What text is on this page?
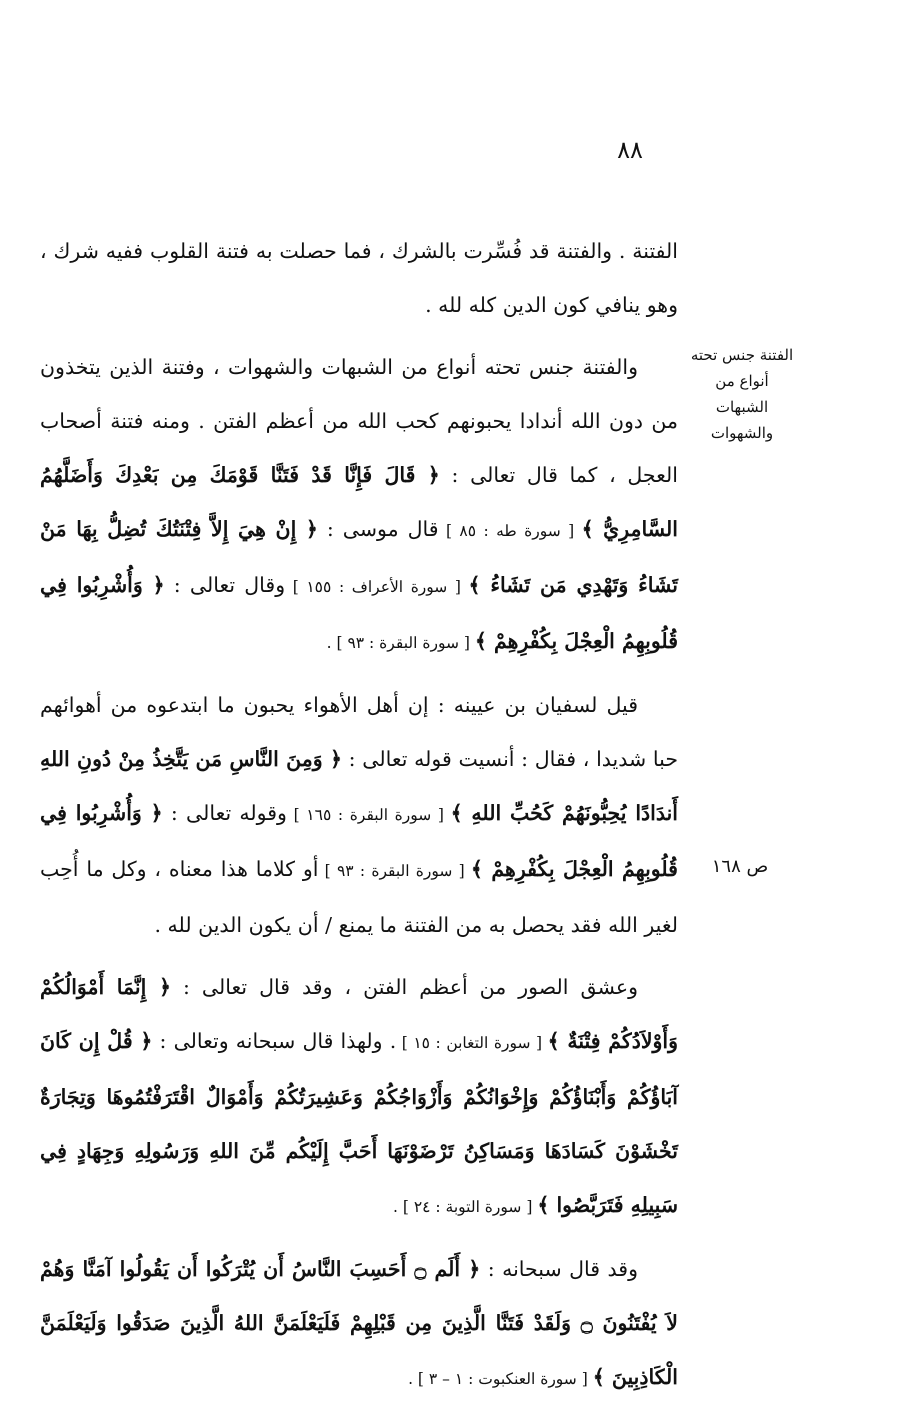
٨٨
الفتنة جنس تحته أنواع من الشبهات والشهوات
ص ١٦٨

الفتنة . والفتنة قد فُسِّرت بالشرك ، فما حصلت به فتنة القلوب ففيه شرك ، وهو ينافي كون الدين كله لله .

والفتنة جنس تحته أنواع من الشبهات والشهوات ، وفتنة الذين يتخذون من دون الله أندادا يحبونهم كحب الله من أعظم الفتن . ومنه فتنة أصحاب العجل ، كما قال تعالى : ﴿ قَالَ فَإِنَّا قَدْ فَتَنَّا قَوْمَكَ مِن بَعْدِكَ وَأَضَلَّهُمُ السَّامِرِيُّ ﴾ [ سورة طه : ٨٥ ] قال موسى : ﴿ إِنْ هِيَ إِلاَّ فِتْنَتُكَ تُضِلُّ بِهَا مَنْ تَشَاءُ وَتَهْدِي مَن تَشَاءُ ﴾ [ سورة الأعراف : ١٥٥ ] وقال تعالى : ﴿ وَأُشْرِبُوا فِي قُلُوبِهِمُ الْعِجْلَ بِكُفْرِهِمْ ﴾ [ سورة البقرة : ٩٣ ] .

قيل لسفيان بن عيينه : إن أهل الأهواء يحبون ما ابتدعوه من أهوائهم حبا شديدا ، فقال : أنسيت قوله تعالى : ﴿ وَمِنَ النَّاسِ مَن يَتَّخِذُ مِنْ دُونِ اللهِ أَندَادًا يُحِبُّونَهُمْ كَحُبِّ اللهِ ﴾ [ سورة البقرة : ١٦٥ ] وقوله تعالى : ﴿ وَأُشْرِبُوا فِي قُلُوبِهِمُ الْعِجْلَ بِكُفْرِهِمْ ﴾ [ سورة البقرة : ٩٣ ] أو كلاما هذا معناه ، وكل ما أُحِب لغير الله فقد يحصل به من الفتنة ما يمنع / أن يكون الدين لله .

وعشق الصور من أعظم الفتن ، وقد قال تعالى : ﴿ إِنَّمَا أَمْوَالُكُمْ وَأَوْلاَدُكُمْ فِتْنَةٌ ﴾ [ سورة التغابن : ١٥ ] . ولهذا قال سبحانه وتعالى : ﴿ قُلْ إِن كَانَ آبَاؤُكُمْ وَأَبْنَاؤُكُمْ وَإِخْوَانُكُمْ وَأَزْوَاجُكُمْ وَعَشِيرَتُكُمْ وَأَمْوَالٌ اقْتَرَفْتُمُوهَا وَتِجَارَةٌ تَخْشَوْنَ كَسَادَهَا وَمَسَاكِنُ تَرْضَوْنَهَا أَحَبَّ إِلَيْكُم مِّنَ اللهِ وَرَسُولِهِ وَجِهَادٍ فِي سَبِيلِهِ فَتَرَبَّصُوا ﴾ [ سورة التوبة : ٢٤ ] .

وقد قال سبحانه : ﴿ أَلَم ۝ أَحَسِبَ النَّاسُ أَن يُتْرَكُوا أَن يَقُولُوا آمَنَّا وَهُمْ لاَ يُفْتَنُونَ ۝ وَلَقَدْ فَتَنَّا الَّذِينَ مِن قَبْلِهِمْ فَلَيَعْلَمَنَّ اللهُ الَّذِينَ صَدَقُوا وَلَيَعْلَمَنَّ الْكَاذِبِينَ ﴾ [ سورة العنكبوت : ١ – ٣ ] .
